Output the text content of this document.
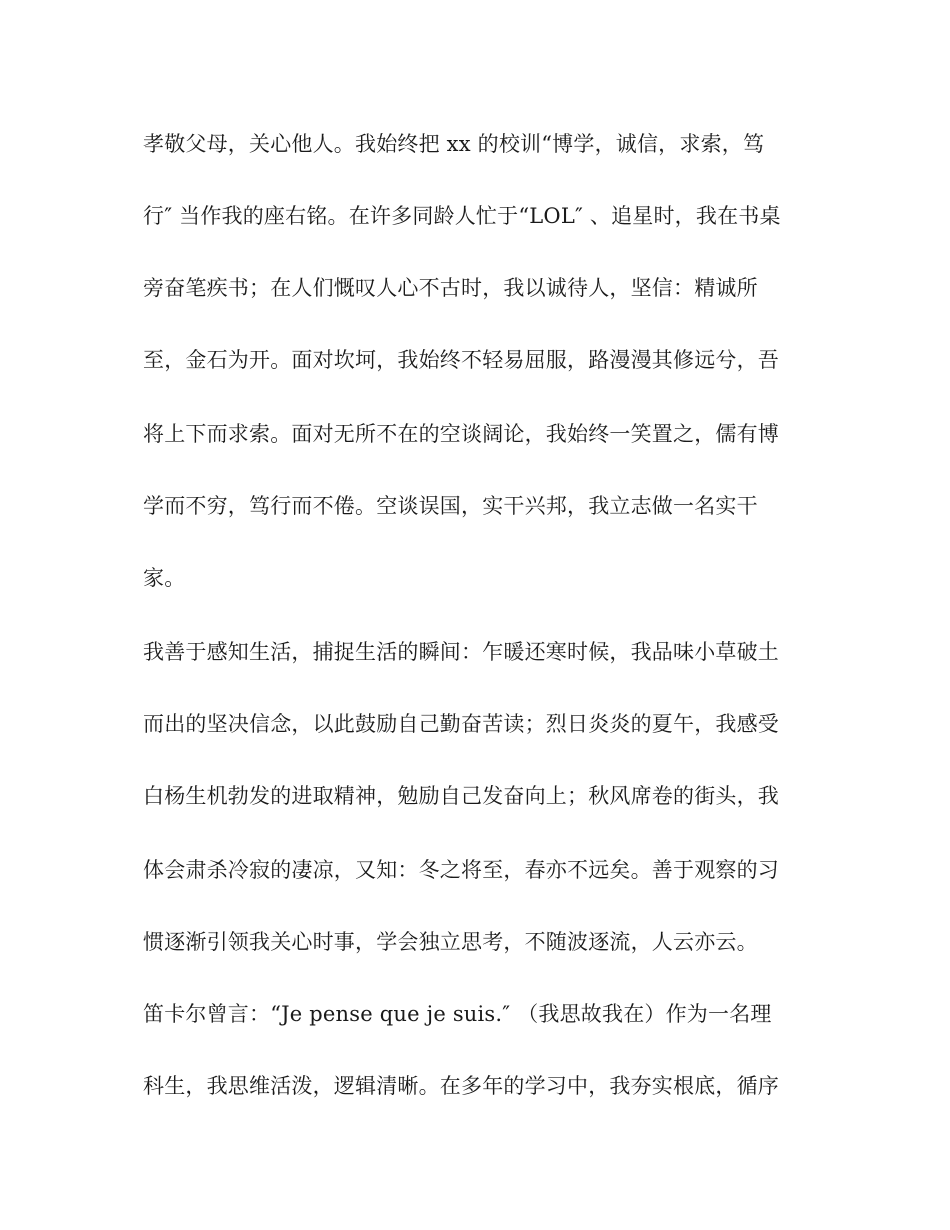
孝敬父母，关心他人。我始终把 xx 的校训“博学，诚信，求索，笃
行″ 当作我的座右铭。在许多同龄人忙于“LOL″ 、追星时，我在书桌
旁奋笔疾书；在人们慨叹人心不古时，我以诚待人，坚信：精诚所
至，金石为开。面对坎坷，我始终不轻易屈服，路漫漫其修远兮，吾
将上下而求索。面对无所不在的空谈阔论，我始终一笑置之，儒有博
学而不穷，笃行而不倦。空谈误国，实干兴邦，我立志做一名实干
家。
我善于感知生活，捕捉生活的瞬间：乍暖还寒时候，我品味小草破土
而出的坚决信念，以此鼓励自己勤奋苦读；烈日炎炎的夏午，我感受
白杨生机勃发的进取精神，勉励自己发奋向上；秋风席卷的街头，我
体会肃杀冷寂的凄凉，又知：冬之将至，春亦不远矣。善于观察的习
惯逐渐引领我关心时事，学会独立思考，不随波逐流，人云亦云。
笛卡尔曾言：“Je pense que je suis.″ （我思故我在）作为一名理
科生，我思维活泼，逻辑清晰。在多年的学习中，我夯实根底，循序
